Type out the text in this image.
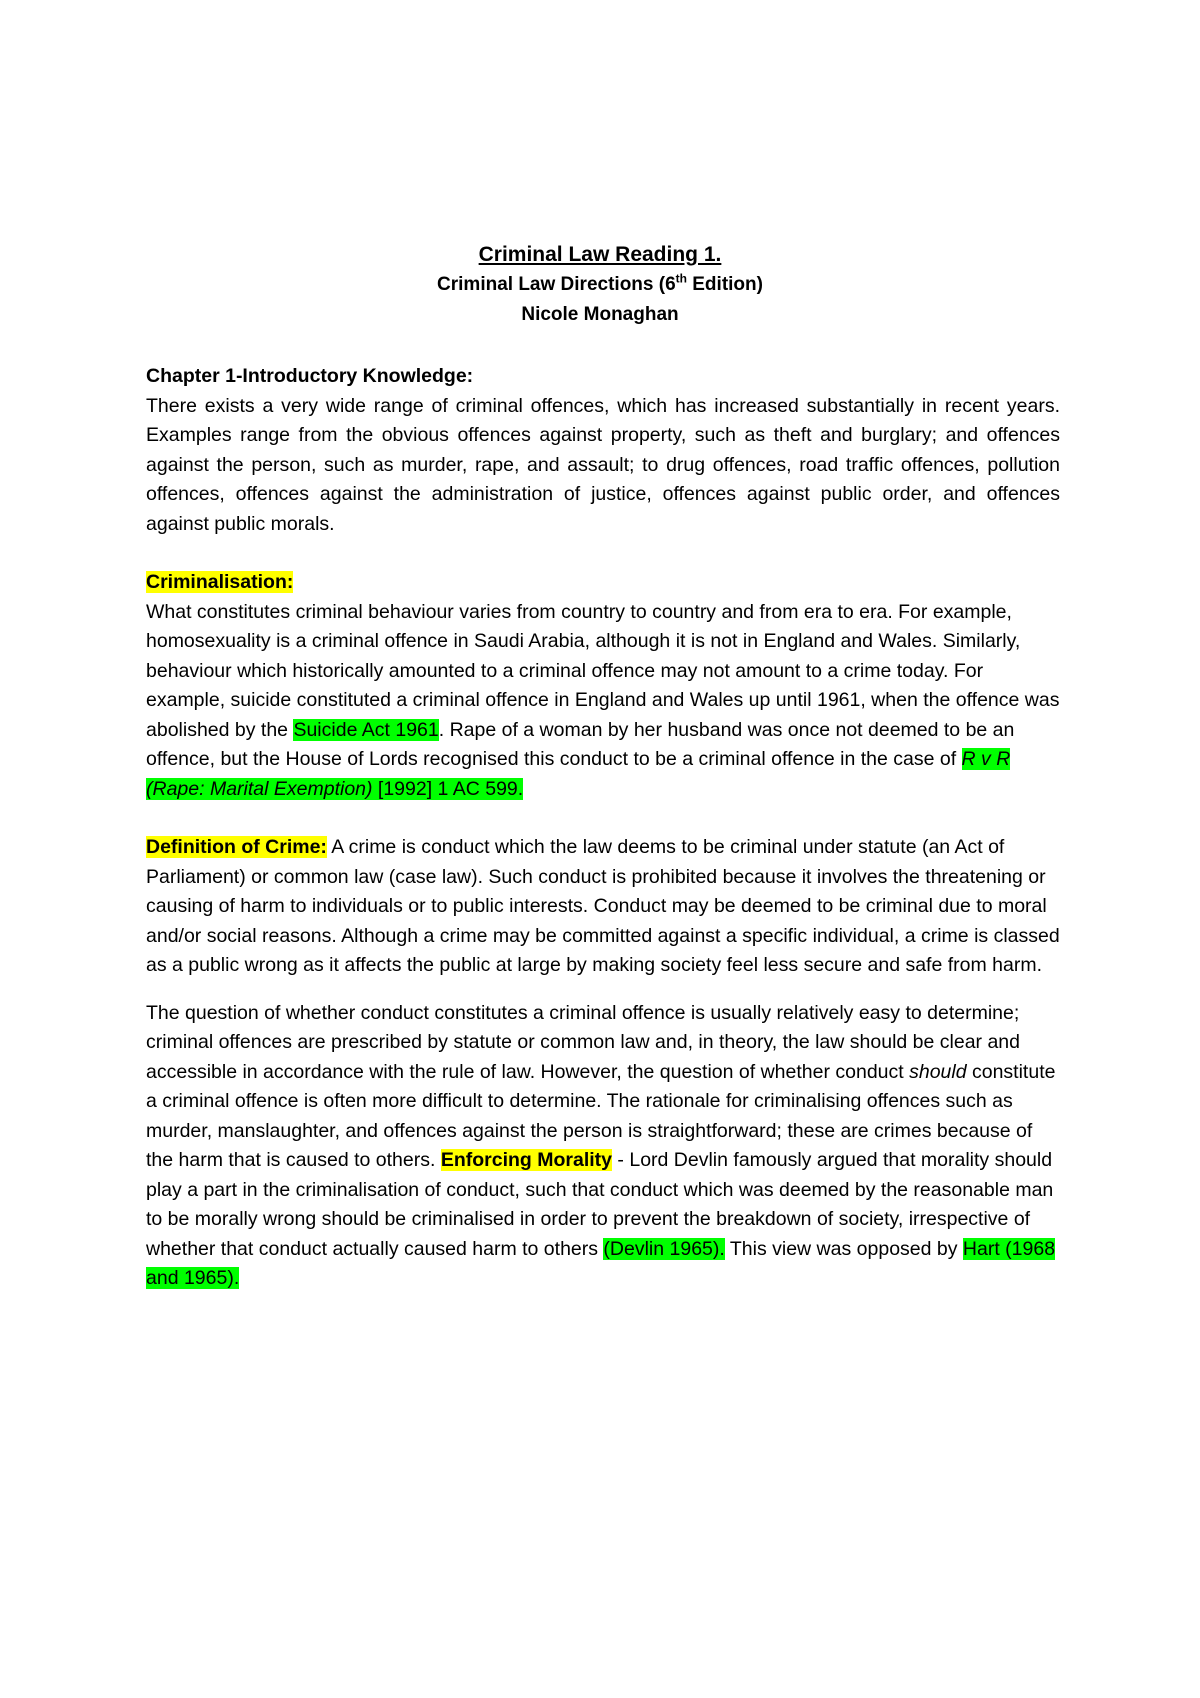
Criminal Law Reading 1.
Criminal Law Directions (6th Edition)
Nicole Monaghan

Chapter 1-Introductory Knowledge:

There exists a very wide range of criminal offences, which has increased substantially in recent years. Examples range from the obvious offences against property, such as theft and burglary; and offences against the person, such as murder, rape, and assault; to drug offences, road traffic offences, pollution offences, offences against the administration of justice, offences against public order, and offences against public morals.

Criminalisation:

What constitutes criminal behaviour varies from country to country and from era to era. For example, homosexuality is a criminal offence in Saudi Arabia, although it is not in England and Wales. Similarly, behaviour which historically amounted to a criminal offence may not amount to a crime today. For example, suicide constituted a criminal offence in England and Wales up until 1961, when the offence was abolished by the Suicide Act 1961. Rape of a woman by her husband was once not deemed to be an offence, but the House of Lords recognised this conduct to be a criminal offence in the case of R v R (Rape: Marital Exemption) [1992] 1 AC 599.

Definition of Crime: A crime is conduct which the law deems to be criminal under statute (an Act of Parliament) or common law (case law). Such conduct is prohibited because it involves the threatening or causing of harm to individuals or to public interests. Conduct may be deemed to be criminal due to moral and/or social reasons. Although a crime may be committed against a specific individual, a crime is classed as a public wrong as it affects the public at large by making society feel less secure and safe from harm.

The question of whether conduct constitutes a criminal offence is usually relatively easy to determine; criminal offences are prescribed by statute or common law and, in theory, the law should be clear and accessible in accordance with the rule of law. However, the question of whether conduct should constitute a criminal offence is often more difficult to determine. The rationale for criminalising offences such as murder, manslaughter, and offences against the person is straightforward; these are crimes because of the harm that is caused to others. Enforcing Morality - Lord Devlin famously argued that morality should play a part in the criminalisation of conduct, such that conduct which was deemed by the reasonable man to be morally wrong should be criminalised in order to prevent the breakdown of society, irrespective of whether that conduct actually caused harm to others (Devlin 1965). This view was opposed by Hart (1968 and 1965).
